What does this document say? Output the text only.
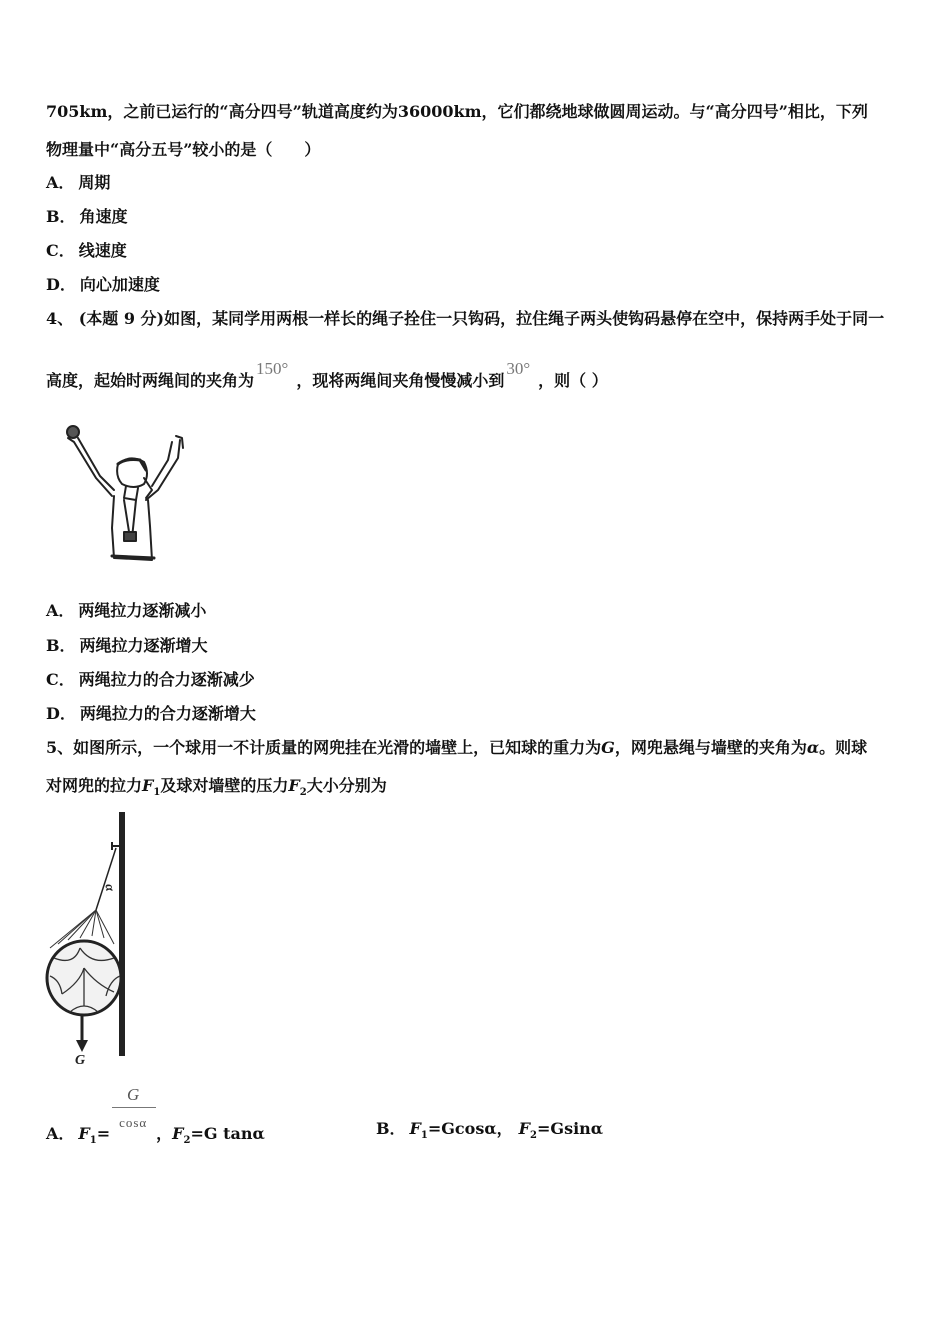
705km，之前已运行的“高分四号”轨道高度约为36000km，它们都绕地球做圆周运动。与“高分四号”相比，下列
物理量中“高分五号”较小的是（　　）
A． 周期
B． 角速度
C． 线速度
D． 向心加速度
4、 (本题 9 分)如图，某同学用两根一样长的绳子拴住一只钩码，拉住绳子两头使钩码悬停在空中，保持两手处于同一
高度，起始时两绳间的夹角为150°，现将两绳间夹角慢慢减小到30°，则（ ）
A． 两绳拉力逐渐减小
B． 两绳拉力逐渐增大
C． 两绳拉力的合力逐渐减少
D． 两绳拉力的合力逐渐增大
5、如图所示，一个球用一不计质量的网兜挂在光滑的墙壁上，已知球的重力为G，网兜悬绳与墙壁的夹角为α。则球
对网兜的拉力$F_1$及球对墙壁的压力$F_2$大小分别为
α
G
A． $F_1= \frac{G}{\cos\alpha}$ ，$F_2=G$ tanα	B． $F_1=Gcos\alpha$， $F_2=Gsin\alpha$
